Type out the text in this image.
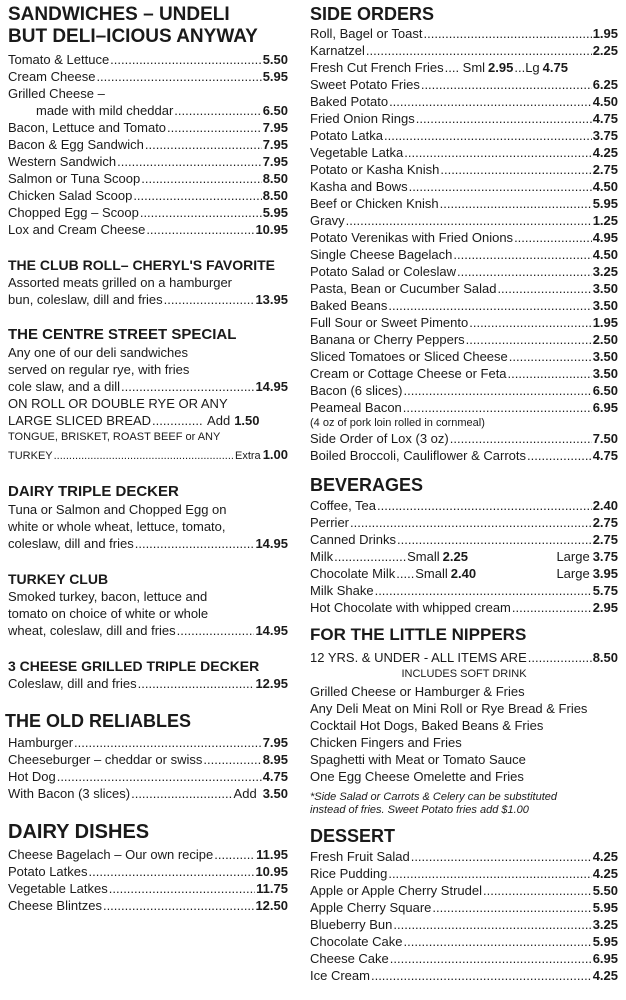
SANDWICHES – UNDELI
BUT DELI–ICIOUS ANYWAY
Tomato & Lettuce .....	5.50
Cream Cheese .....	5.95
Grilled Cheese –
made with mild cheddar .....	6.50
Bacon, Lettuce and Tomato .....	7.95
Bacon & Egg Sandwich .....	7.95
Western Sandwich .....	7.95
Salmon or Tuna Scoop .....	8.50
Chicken Salad Scoop .....	8.50
Chopped Egg – Scoop .....	5.95
Lox and Cream Cheese .....	10.95
THE CLUB ROLL– CHERYL'S FAVORITE
Assorted meats grilled on a hamburger
bun, coleslaw, dill and fries .....	13.95
THE CENTRE STREET SPECIAL
Any one of our deli sandwiches
served on regular rye, with fries
cole slaw, and a dill .....	14.95
ON ROLL OR DOUBLE RYE OR ANY
LARGE SLICED BREAD .....	Add 1.50
TONGUE, BRISKET, ROAST BEEF or ANY
TURKEY .....	Extra 1.00
DAIRY TRIPLE DECKER
Tuna or Salmon and Chopped Egg on
white or whole wheat, lettuce, tomato,
coleslaw, dill and fries .....	14.95
TURKEY CLUB
Smoked turkey, bacon, lettuce and
tomato on choice of white or whole
wheat, coleslaw, dill and fries .....	14.95
3 CHEESE GRILLED TRIPLE DECKER
Coleslaw, dill and fries .....	12.95
THE OLD RELIABLES
Hamburger .....	7.95
Cheeseburger – cheddar or swiss .....	8.95
Hot Dog .....	4.75
With Bacon (3 slices) .....	Add 3.50
DAIRY DISHES
Cheese Bagelach – Our own recipe .....	11.95
Potato Latkes .....	10.95
Vegetable Latkes .....	11.75
Cheese Blintzes .....	12.50
SIDE ORDERS
Roll, Bagel or Toast .....	1.95
Karnatzel .....	2.25
Fresh Cut French Fries ..... Sml 2.95 ... Lg 4.75
Sweet Potato Fries .....	6.25
Baked Potato .....	4.50
Fried Onion Rings .....	4.75
Potato Latka .....	3.75
Vegetable Latka .....	4.25
Potato or Kasha Knish .....	2.75
Kasha and Bows .....	4.50
Beef or Chicken Knish .....	5.95
Gravy .....	1.25
Potato Verenikas with Fried Onions .....	4.95
Single Cheese Bagelach .....	4.50
Potato Salad or Coleslaw .....	3.25
Pasta, Bean or Cucumber Salad .....	3.50
Baked Beans .....	3.50
Full Sour or Sweet Pimento .....	1.95
Banana or Cherry Peppers .....	2.50
Sliced Tomatoes or Sliced Cheese .....	3.50
Cream or Cottage Cheese or Feta .....	3.50
Bacon (6 slices) .....	6.50
Peameal Bacon .....	6.95
(4 oz of pork loin rolled in cornmeal)
Side Order of Lox (3 oz) .....	7.50
Boiled Broccoli, Cauliflower & Carrots .....	4.75
BEVERAGES
Coffee, Tea .....	2.40
Perrier .....	2.75
Canned Drinks .....	2.75
Milk .....	Small 2.25	Large 3.75
Chocolate Milk ..... Small 2.40	Large 3.95
Milk Shake .....	5.75
Hot Chocolate with whipped cream .....	2.95
FOR THE LITTLE NIPPERS
12 YRS. & UNDER - ALL ITEMS ARE .....	8.50
INCLUDES SOFT DRINK
Grilled Cheese or Hamburger & Fries
Any Deli Meat on Mini Roll or Rye Bread & Fries
Cocktail Hot Dogs, Baked Beans & Fries
Chicken Fingers and Fries
Spaghetti with Meat or Tomato Sauce
One Egg Cheese Omelette and Fries
*Side Salad or Carrots & Celery can be substituted
instead of fries. Sweet Potato fries add $1.00
DESSERT
Fresh Fruit Salad .....	4.25
Rice Pudding .....	4.25
Apple or Apple Cherry Strudel .....	5.50
Apple Cherry Square .....	5.95
Blueberry Bun .....	3.25
Chocolate Cake .....	5.95
Cheese Cake .....	6.95
Ice Cream .....	4.25
